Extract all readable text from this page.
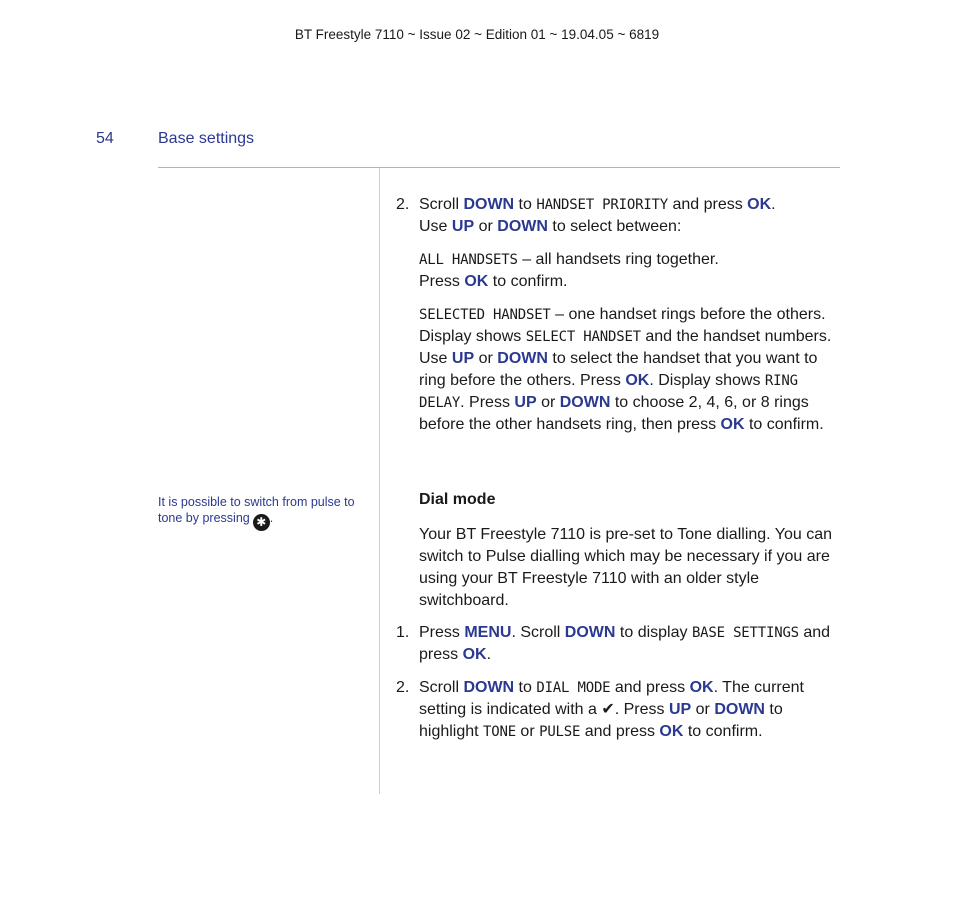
BT Freestyle 7110 ~ Issue 02 ~ Edition 01 ~ 19.04.05 ~ 6819
54	Base settings
It is possible to switch from pulse to tone by pressing ✱ .
2. Scroll DOWN to HANDSET PRIORITY and press OK.

Use UP or DOWN to select between:

ALL HANDSETS – all handsets ring together.

Press OK to confirm.

SELECTED HANDSET – one handset rings before the others. Display shows SELECT HANDSET and the handset numbers. Use UP or DOWN to select the handset that you want to ring before the others. Press OK. Display shows RING DELAY. Press UP or DOWN to choose 2, 4, 6, or 8 rings before the other handsets ring, then press OK to confirm.

Dial mode

Your BT Freestyle 7110 is pre-set to Tone dialling. You can switch to Pulse dialling which may be necessary if you are using your BT Freestyle 7110 with an older style switchboard.

1. Press MENU. Scroll DOWN to display BASE SETTINGS and press OK.

2. Scroll DOWN to DIAL MODE and press OK. The current setting is indicated with a ✔. Press UP or DOWN to highlight TONE or PULSE and press OK to confirm.
